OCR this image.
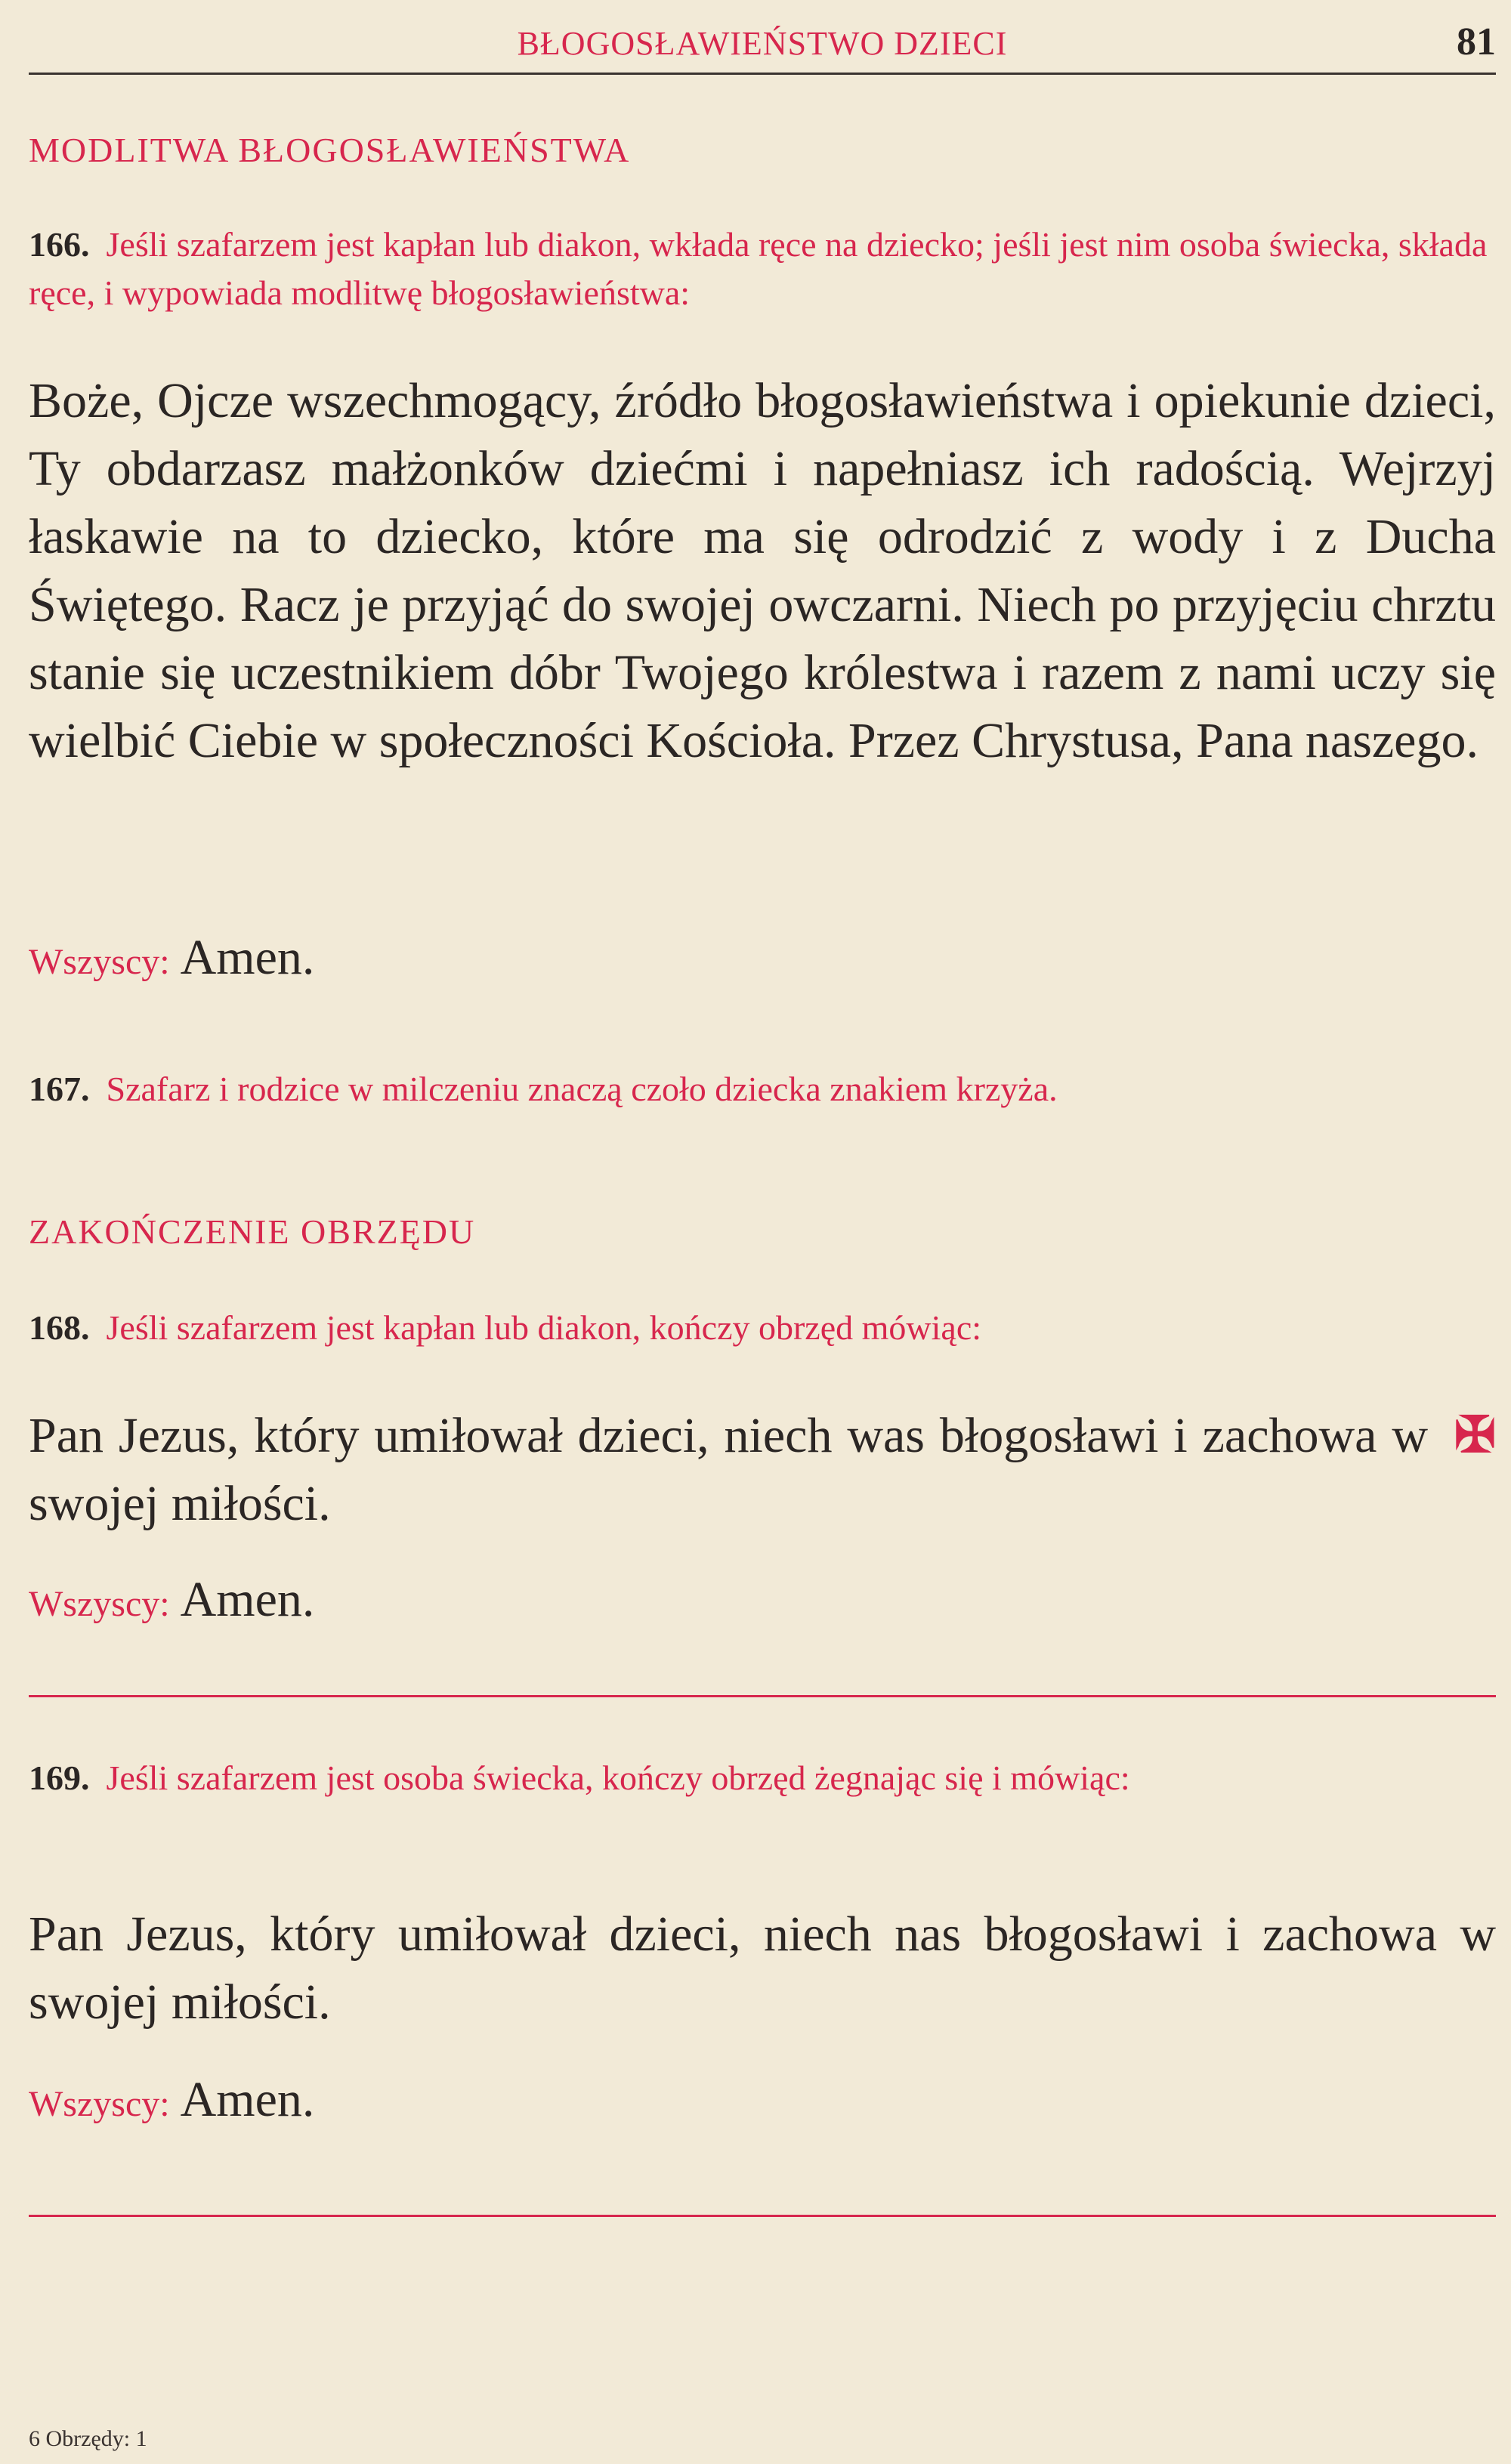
BŁOGOSŁAWIEŃSTWO DZIECI	81
MODLITWA BŁOGOSŁAWIEŃSTWA
166. Jeśli szafarzem jest kapłan lub diakon, wkłada ręce na dziecko; jeśli jest nim osoba świecka, składa ręce, i wypowiada modlitwę błogosławieństwa:
Boże, Ojcze wszechmogący, źródło błogosławieństwa i opiekunie dzieci, Ty obdarzasz małżonków dziećmi i napełniasz ich radością. Wejrzyj łaskawie na to dziecko, które ma się odrodzić z wody i z Ducha Świętego. Racz je przyjąć do swojej owczarni. Niech po przyjęciu chrztu stanie się uczestnikiem dóbr Twojego królestwa i razem z nami uczy się wielbić Ciebie w społeczności Kościoła. Przez Chrystusa, Pana naszego.
Wszyscy: Amen.
167. Szafarz i rodzice w milczeniu znaczą czoło dziecka znakiem krzyża.
ZAKOŃCZENIE OBRZĘDU
168. Jeśli szafarzem jest kapłan lub diakon, kończy obrzęd mówiąc:
Pan Jezus, który umiłował dzieci, niech was błogosławi i zachowa w swojej miłości.
✠
Wszyscy: Amen.
169. Jeśli szafarzem jest osoba świecka, kończy obrzęd żegnając się i mówiąc:
Pan Jezus, który umiłował dzieci, niech nas błogosławi i zachowa w swojej miłości.
Wszyscy: Amen.
6 Obrzędy: 1
